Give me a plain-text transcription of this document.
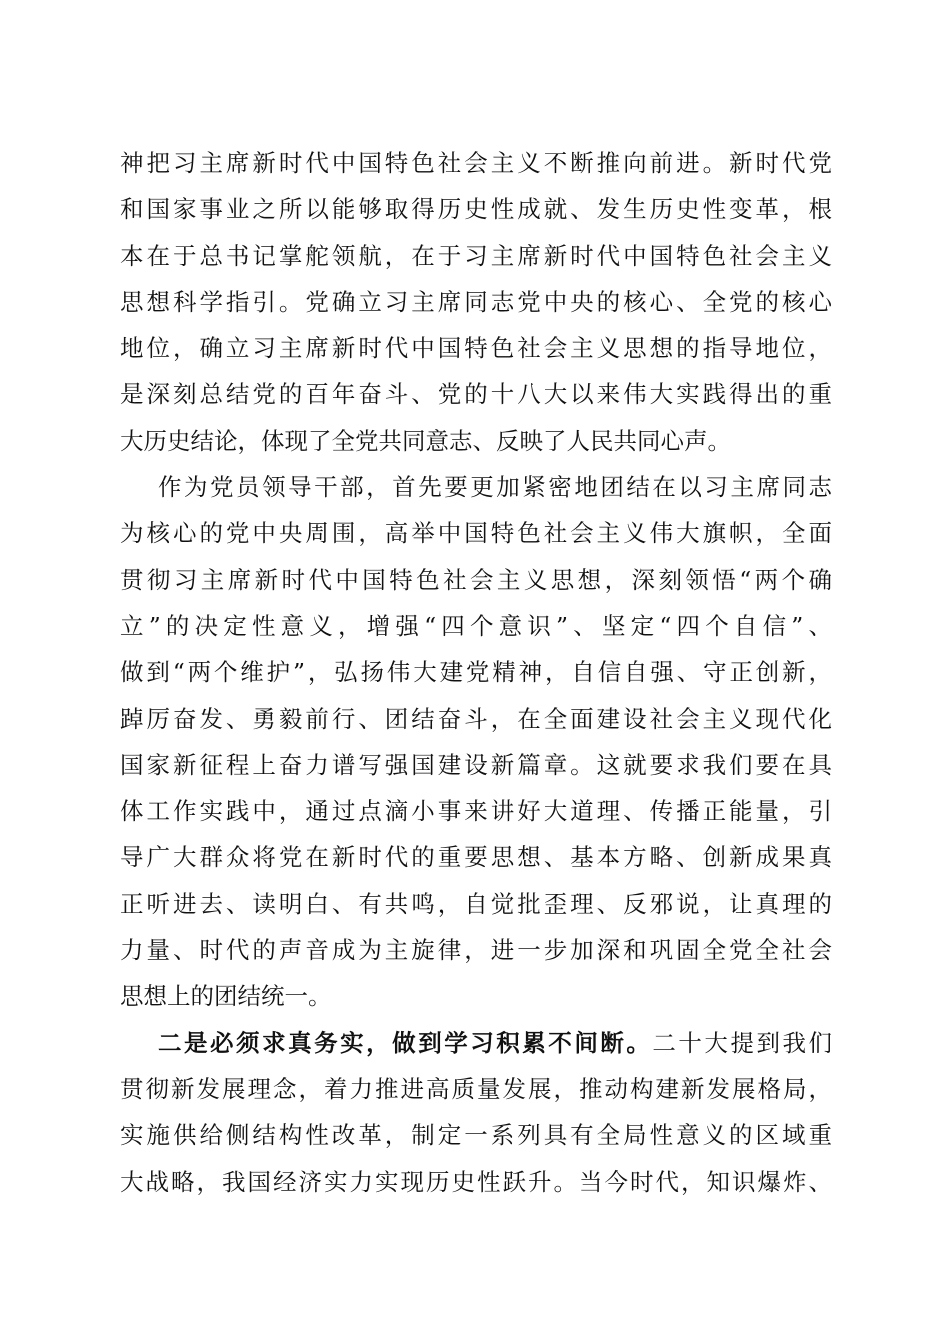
神把习主席新时代中国特色社会主义不断推向前进。新时代党
和国家事业之所以能够取得历史性成就、发生历史性变革，根
本在于总书记掌舵领航，在于习主席新时代中国特色社会主义
思想科学指引。党确立习主席同志党中央的核心、全党的核心
地位，确立习主席新时代中国特色社会主义思想的指导地位，
是深刻总结党的百年奋斗、党的十八大以来伟大实践得出的重
大历史结论，体现了全党共同意志、反映了人民共同心声。
作为党员领导干部，首先要更加紧密地团结在以习主席同志
为核心的党中央周围，高举中国特色社会主义伟大旗帜，全面
贯彻习主席新时代中国特色社会主义思想，深刻领悟“两个确
立”的决定性意义，增强“四个意识”、坚定“四个自信”、
做到“两个维护”，弘扬伟大建党精神，自信自强、守正创新，
踔厉奋发、勇毅前行、团结奋斗，在全面建设社会主义现代化
国家新征程上奋力谱写强国建设新篇章。这就要求我们要在具
体工作实践中，通过点滴小事来讲好大道理、传播正能量，引
导广大群众将党在新时代的重要思想、基本方略、创新成果真
正听进去、读明白、有共鸣，自觉批歪理、反邪说，让真理的
力量、时代的声音成为主旋律，进一步加深和巩固全党全社会
思想上的团结统一。
二是必须求真务实，做到学习积累不间断。二十大提到我们
贯彻新发展理念，着力推进高质量发展，推动构建新发展格局，
实施供给侧结构性改革，制定一系列具有全局性意义的区域重
大战略，我国经济实力实现历史性跃升。当今时代，知识爆炸、
